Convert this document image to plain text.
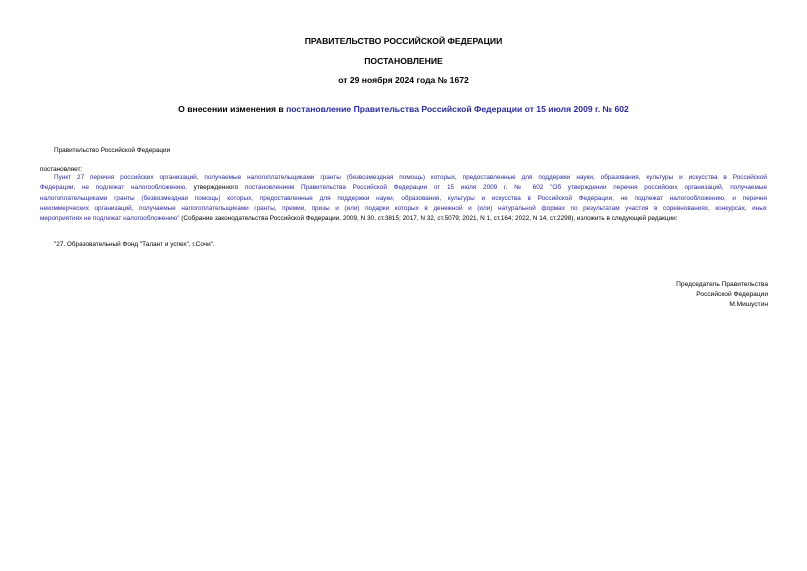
ПРАВИТЕЛЬСТВО РОССИЙСКОЙ ФЕДЕРАЦИИ
ПОСТАНОВЛЕНИЕ
от 29 ноября 2024 года № 1672
О внесении изменения в постановление Правительства Российской Федерации от 15 июля 2009 г. № 602
Правительство Российской Федерации
постановляет:
Пункт 27 перечня российских организаций, получаемые налогоплательщиками гранты (безвозмездная помощь) которых, предоставленные для поддержки науки, образования, культуры и искусства в Российской
Федерации, не подлежат налогообложению, утвержденного постановлением Правительства Российской Федерации от 15 июля 2009 г. № 602 "Об утверждении перечня российских организаций, получаемые
налогоплательщиками гранты (безвозмездная помощь) которых, предоставленные для поддержки науки, образования, культуры и искусства в Российской Федерации, не подлежат налогообложению, и перечня
некоммерческих организаций, получаемые налогоплательщиками гранты, премии, призы и (или) подарки которых в денежной и (или) натуральной формах по результатам участия в соревнованиях, конкурсах, иных
мероприятиях не подлежат налогообложению" (Собрание законодательства Российской Федерации, 2009, N 30, ст.3815; 2017, N 32, ст.5079; 2021, N 1, ст.164; 2022, N 14, ст.2298), изложить в следующей редакции:
"27. Образовательный Фонд "Талант и успех", г.Сочи".
Председатель Правительства
Российской Федерации
М.Мишустин
